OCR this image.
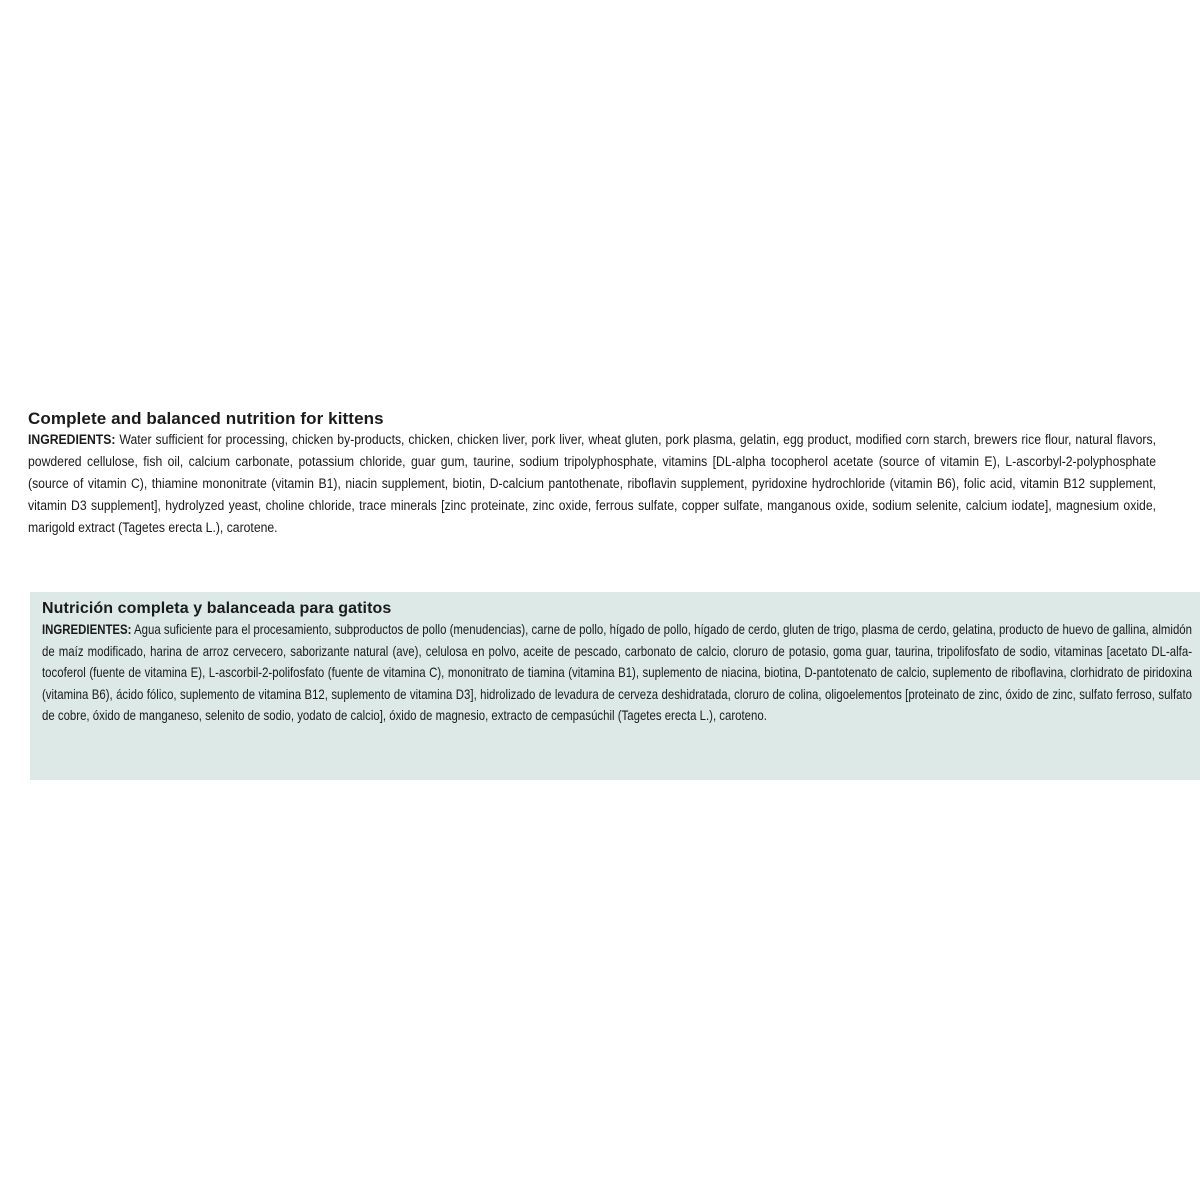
Complete and balanced nutrition for kittens

INGREDIENTS: Water sufficient for processing, chicken by-products, chicken, chicken liver, pork liver, wheat gluten, pork plasma, gelatin, egg product, modified corn starch, brewers rice flour, natural flavors, powdered cellulose, fish oil, calcium carbonate, potassium chloride, guar gum, taurine, sodium tripolyphosphate, vitamins [DL-alpha tocopherol acetate (source of vitamin E), L-ascorbyl-2-polyphosphate (source of vitamin C), thiamine mononitrate (vitamin B1), niacin supplement, biotin, D-calcium pantothenate, riboflavin supplement, pyridoxine hydrochloride (vitamin B6), folic acid, vitamin B12 supplement, vitamin D3 supplement], hydrolyzed yeast, choline chloride, trace minerals [zinc proteinate, zinc oxide, ferrous sulfate, copper sulfate, manganous oxide, sodium selenite, calcium iodate], magnesium oxide, marigold extract (Tagetes erecta L.), carotene.

Nutrición completa y balanceada para gatitos

INGREDIENTES: Agua suficiente para el procesamiento, subproductos de pollo (menudencias), carne de pollo, hígado de pollo, hígado de cerdo, gluten de trigo, plasma de cerdo, gelatina, producto de huevo de gallina, almidón de maíz modificado, harina de arroz cervecero, saborizante natural (ave), celulosa en polvo, aceite de pescado, carbonato de calcio, cloruro de potasio, goma guar, taurina, tripolifosfato de sodio, vitaminas [acetato DL-alfa-tocoferol (fuente de vitamina E), L-ascorbil-2-polifosfato (fuente de vitamina C), mononitrato de tiamina (vitamina B1), suplemento de niacina, biotina, D-pantotenato de calcio, suplemento de riboflavina, clorhidrato de piridoxina (vitamina B6), ácido fólico, suplemento de vitamina B12, suplemento de vitamina D3], hidrolizado de levadura de cerveza deshidratada, cloruro de colina, oligoelementos [proteinato de zinc, óxido de zinc, sulfato ferroso, sulfato de cobre, óxido de manganeso, selenito de sodio, yodato de calcio], óxido de magnesio, extracto de cempasúchil (Tagetes erecta L.), caroteno.
